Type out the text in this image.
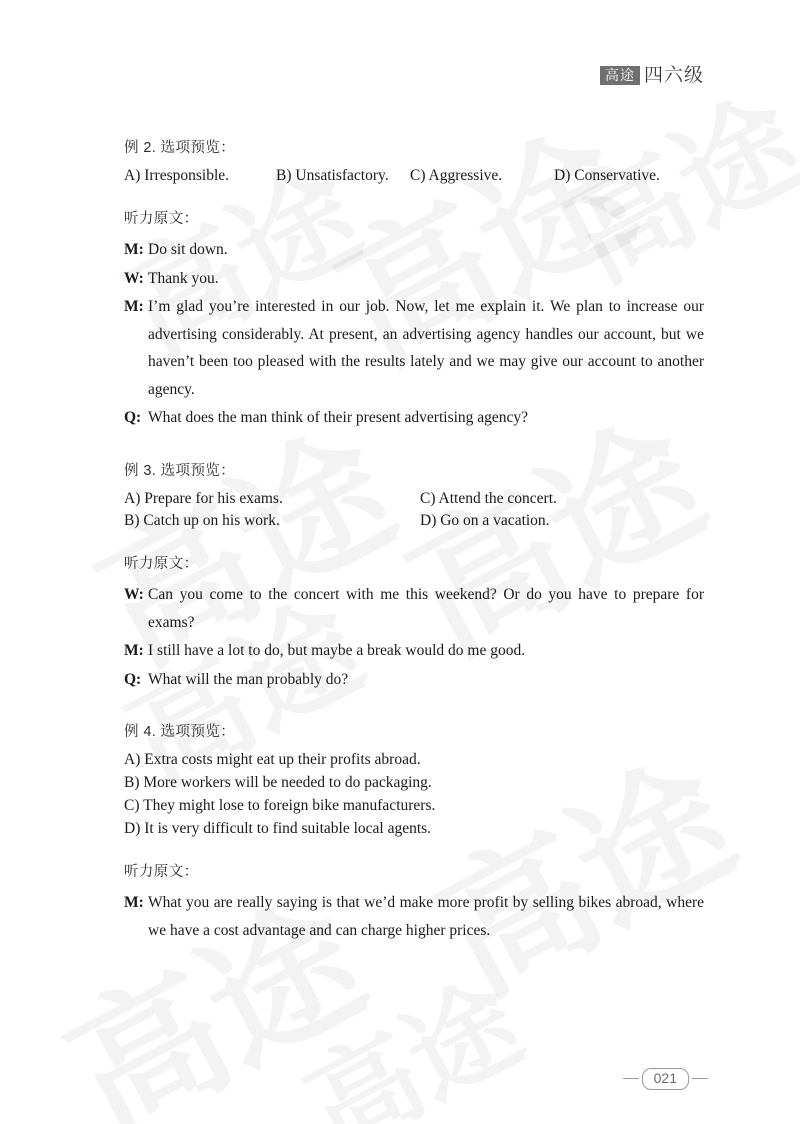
高途 四六级

例 2. 选项预览：

A) Irresponsible.	B) Unsatisfactory.	C) Aggressive.	D) Conservative.

听力原文：

M: Do sit down.
W: Thank you.
M: I’m glad you’re interested in our job. Now, let me explain it. We plan to increase our advertising considerably. At present, an advertising agency handles our account, but we haven’t been too pleased with the results lately and we may give our account to another agency.
Q: What does the man think of their present advertising agency?

例 3. 选项预览：

A) Prepare for his exams.	C) Attend the concert.
B) Catch up on his work.	D) Go on a vacation.

听力原文：

W: Can you come to the concert with me this weekend? Or do you have to prepare for exams?
M: I still have a lot to do, but maybe a break would do me good.
Q: What will the man probably do?

例 4. 选项预览：

A) Extra costs might eat up their profits abroad.
B) More workers will be needed to do packaging.
C) They might lose to foreign bike manufacturers.
D) It is very difficult to find suitable local agents.

听力原文：

M: What you are really saying is that we’d make more profit by selling bikes abroad, where we have a cost advantage and can charge higher prices.
021
